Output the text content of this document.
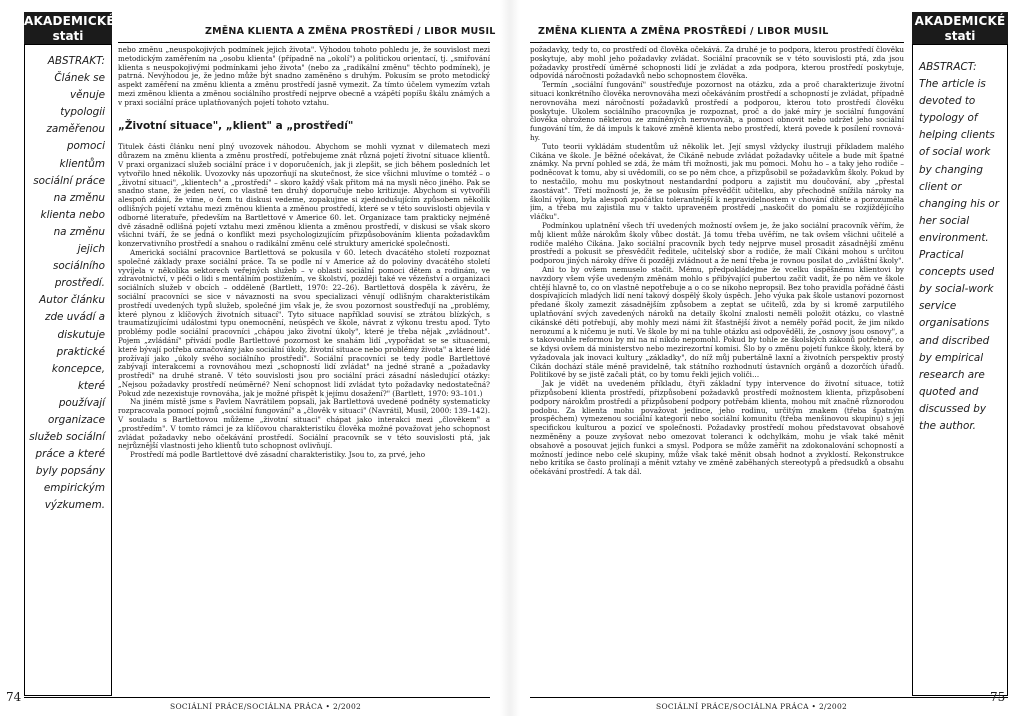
AKADEMICKÉ
stati	ZMĚNA KLIENTA A ZMĚNA PROSTŘEDÍ / LIBOR MUSIL
ABSTRAKT:
Článek se věnuje typologii zaměřenou pomoci klientům sociální práce na změnu klienta nebo na změnu jejich sociálního prostředí. Autor článku zde uvádí a diskutuje praktické koncepce, které používají organizace služeb sociální práce a které byly popsány empirickým výzkumem.

nebo změnu „neuspokojivých podmínek jejich života". Výhodou tohoto pohledu je, že souvislost mezi metodickým zaměřením na „osobu klienta" (případně na „okolí") a politickou orientací, tj. „smiřování klienta s neuspokojivými podmínkami jeho života" (nebo za „radikální změnu" těchto podmínek), je patrná. Nevýhodou je, že jedno může být snadno zaměněno s druhým. Pokusím se proto metodický aspekt zaměření na změnu klienta a změnu prostředí jasně vymezit. Za tímto účelem vymezím vztah mezi změnou klienta a změnou sociálního prostředí nejprve obecně a vzápětí popíšu škálu známých a v praxi sociální práce uplatňovaných pojetí tohoto vztahu.

„Životní situace", „klient" a „prostředí"

Titulek části článku není plný uvozovek náhodou. Abychom se mohli vyznat v dilematech mezi důrazem na změnu klienta a změnu prostředí, potřebujeme znát různá pojetí životní situace klientů. V praxi organizací služeb sociální práce i v doporučeních, jak ji zlepšit, se jich během posledních let vytvořilo hned několik. Uvozovky nás upozorňují na skutečnost, že sice všichni mluvíme o tomtéž – o „životní situaci", „klientech" a „prostředí" – skoro každý však přitom má na mysli něco jiného. Pak se snadno stane, že jeden neví, co vlastně ten druhý doporučuje nebo kritizuje. Abychom si vytvořili alespoň zdání, že víme, o čem tu diskusi vedeme, zopakujme si zjednodušujícím způsobem několik odlišných pojetí vztahu mezi změnou klienta a změnou prostředí, které se v této souvislosti objevila v odborné literatuře, především na Bartlettové v Americe 60. let. Organizace tam prakticky nejméně dvě zásadně odlišná pojetí vztahu mezi změnou klienta a změnou prostředí, v diskusi se však skoro všichni tváří, že se jedná o konflikt mezi psychologizujícím přizpůsobováním klienta požadavkům konzervativního prostředí a snahou o radikální změnu celé struktury americké společnosti.

Americká sociální pracovnice Bartlettová se pokusila v 60. letech dvacátého století rozpoznat společné základy praxe sociální práce. Ta se podle ní v Americe až do poloviny dvacátého století vyvíjela v několika sektorech veřejných služeb – v oblasti sociální pomoci dětem a rodinám, ve zdravotnictví, v péči o lidi s mentálním postižením, ve školství, později také ve vězeňství a organizaci sociálních služeb v obcích – odděleně (Bartlett, 1970: 22–26). Bartlettová dospěla k závěru, že sociální pracovníci se sice v návaznosti na svou specializaci věnují odlišným charakteristikám prostředí uvedených typů služeb, společné jim však je, že svou pozornost soustřeďují na „problémy, které plynou z klíčových životních situací". Tyto situace například souvisí se ztrátou blízkých, s traumatizujícími událostmi typu onemocnění, neúspěch ve škole, návrat z výkonu trestu apod. Tyto problémy podle sociální pracovníci „chápou jako životní úkoly", které je třeba nějak „zvládnout". Pojem „zvládání" přivádí podle Bartlettové pozornost ke snahám lidí „vypořádat se se situacemi, které bývají potřeba označovány jako sociální úkoly, životní situace nebo problémy života" a které lidé prožívají jako „úkoly svého sociálního prostředí". Sociální pracovníci se tedy podle Bartlettové zabývají interakcemi a rovnováhou mezi „schopností lidí zvládat" na jedné straně a „požadavky prostředí" na druhé straně. V této souvislosti jsou pro sociální práci zásadní následující otázky: „Nejsou požadavky prostředí neúměrné? Není schopnost lidí zvládat tyto požadavky nedostatečná? Pokud zde nezexistuje rovnováha, jak je možné přispět k jejímu dosažení?" (Bartlett, 1970: 93–101.)

Na jiném místě jsme s Pavlem Navrátilem popsali, jak Bartlettová uvedené podněty systematicky rozpracovala pomocí pojmů „sociální fungování" a „člověk v situaci" (Navrátil, Musil, 2000: 139–142). V souladu s Bartlettovou můžeme „životní situaci" chápat jako interakci mezi „člověkem" a „prostředím". V tomto rámci je za klíčovou charakteristiku člověka možné považovat jeho schopnost zvládat požadavky nebo očekávání prostředí. Sociální pracovník se v této souvislosti ptá, jak nejrůznější vlastnosti jeho klientů tuto schopnost ovlivňují.

Prostředí má podle Bartlettové dvě zásadní charakteristiky. Jsou to, za prvé, jeho

74
SOCIÁLNÍ PRÁCE/SOCIÁLNA PRÁCA • 2/2002
ZMĚNA KLIENTA A ZMĚNA PROSTŘEDÍ / LIBOR MUSIL
AKADEMICKÉ
stati

požadavky, tedy to, co prostředí od člověka očekává. Za druhé je to podpora, kterou prostředí člověku poskytuje, aby mohl jeho požadavky zvládat. Sociální pracovník se v této souvislosti ptá, zda jsou požadavky prostředí úměrné schopnosti lidí je zvládat a zda podpora, kterou prostředí poskytuje, odpovídá náročnosti požadavků nebo schopnostem člověka.

Termín „sociální fungování" soustřeďuje pozornost na otázku, zda a proč charakterizuje životní situaci konkrétního člověka nerovnováha mezi očekáváním prostředí a schopností je zvládat, případně nerovnováha mezi náročností požadavků prostředí a podporou, kterou toto prostředí člověku poskytuje. Ukolem sociálního pracovníka je rozpoznat, proč a do jaké míry je sociální fungování člověka ohroženo některou ze zmíněných nerovnováh, a pomoci obnovit nebo udržet jeho sociální fungování tím, že dá impuls k takové změně klienta nebo prostředí, která povede k posílení rovnováhy.

Tuto teorii vykládám studentům už několik let. Její smysl vždycky ilustruji příkladem malého Cikána ve škole. Je běžné očekávat, že Cikáně nebude zvládat požadavky učitele a bude mít špatné známky. Na první pohled se zdá, že mám tři možnosti, jak mu pomoci. Mohu ho – a taky jeho rodiče – podněcovat k tomu, aby si uvědomili, co se po něm chce, a přizpůsobil se požadavkům školy. Pokud by to nestačilo, mohu mu poskytnout nestandardní podporu a zajistit mu doučování, aby „přestal zaostávat". Třetí možností je, že se pokusím přesvědčit učitelku, aby přechodně snížila nároky na školní výkon, byla alespoň zpočátku tolerantnější k nepravidelnostem v chování dítěte a porozuměla jim, a třeba mu zajistila mu v takto upraveném prostředí „naskočit do pomalu se rozjíždějícího vláčku".

Podmínkou uplatnění všech tří uvedených možností ovšem je, že jako sociální pracovník věřím, že můj klient může nárokům školy vůbec dostát. Já tomu třeba uvěřím, ne tak ovšem všichni učitelé a rodiče malého Cikána. Jako sociální pracovník bych tedy nejprve musel prosadit zásadnější změnu prostředí a pokusit se přesvědčit ředitele, učitelský sbor a rodiče, že malí Cikáni mohou s určitou podporou jiných nároky dříve či později zvládnout a že není třeba je rovnou posílat do „zvláštní školy".

Ani to by ovšem nemuselo stačit. Mému, předpokládejme že vcelku úspěšnému klientovi by navzdory všem výše uvedeným změnám mohlo s přibývající pubertou začít vadit, že po něm ve škole chtějí hlavně to, co on vlastně nepotřebuje a o co se nikoho nepropsil. Bez toho pravidla pořádné části dospívajících mladých lidí není takový dospělý školy úspěch. Jeho výuka pak škole ustanoví pozornost předané školy zamezit zásadnějším způsobem a zeptat se učitelů, zda by si kromě zarputilého uplatňování svých zavedených nároků na detaily školní znalosti neměli položit otázku, co vlastně cikánské děti potřebují, aby mohly mezi námi žít šťastnější život a neměly pořád pocit, že jim nikdo nerozumí a k ničemu je nutí. Ve škole by mi na tuhle otázku asi odpověděli, že „osnovy jsou osnovy", a s takovouhle reformou by mi na ní nikdo nepomohl. Pokud by tohle ze školských zákonů potřebné, co se kdysi ovšem dá ministerstvo nebo mezirezortní komisi. Šlo by o změnu pojetí funkce školy, která by vyžadovala jak inovaci kultury „základky", do níž můj pubertálně laxní a životních perspektiv prostý Cikán dochází stále méně pravidelně, tak státního rozhodnutí ústavních orgánů a dozorčích úřadů. Politikové by se jistě začali ptát, co by tomu řekli jejich voliči…

Jak je vidět na uvedeném příkladu, čtyři základní typy intervence do životní situace, totiž přizpůsobení klienta prostředí, přizpůsobení požadavků prostředí možnostem klienta, přizpůsobení podpory nárokům prostředí a přizpůsobení podpory potřebám klienta, mohou mít značně různorodou podobu. Za klienta mohu považovat jedince, jeho rodinu, určitým znakem (třeba špatným prospěchem) vymezenou sociální kategorii nebo sociální komunitu (třeba menšinovou skupinu) s její specifickou kulturou a pozicí ve společnosti. Požadavky prostředí mohou představovat obsahově nezměněny a pouze zvyšovat nebo omezovat toleranci k odchylkám, mohu je však také měnit obsahově a posouvat jejich funkci a smysl. Podpora se může zaměřit na zdokonalování schopností a možností jedince nebo celé skupiny, může však také měnit obsah hodnot a zvyklostí. Rekonstrukce nebo kritika se často prolínají a měnit vztahy ve změně zaběhaných stereotypů a předsudků a obsahu očekávání prostředí. A tak dál.

ABSTRACT:
The article is devoted to typology of helping clients of social work by changing client or changing his or her social environment. Practical concepts used by social-work service organisations and discribed by empirical research are quoted and discussed by the author.
SOCIÁLNÍ PRÁCE/SOCIÁLNA PRÁCA • 2/2002
75
